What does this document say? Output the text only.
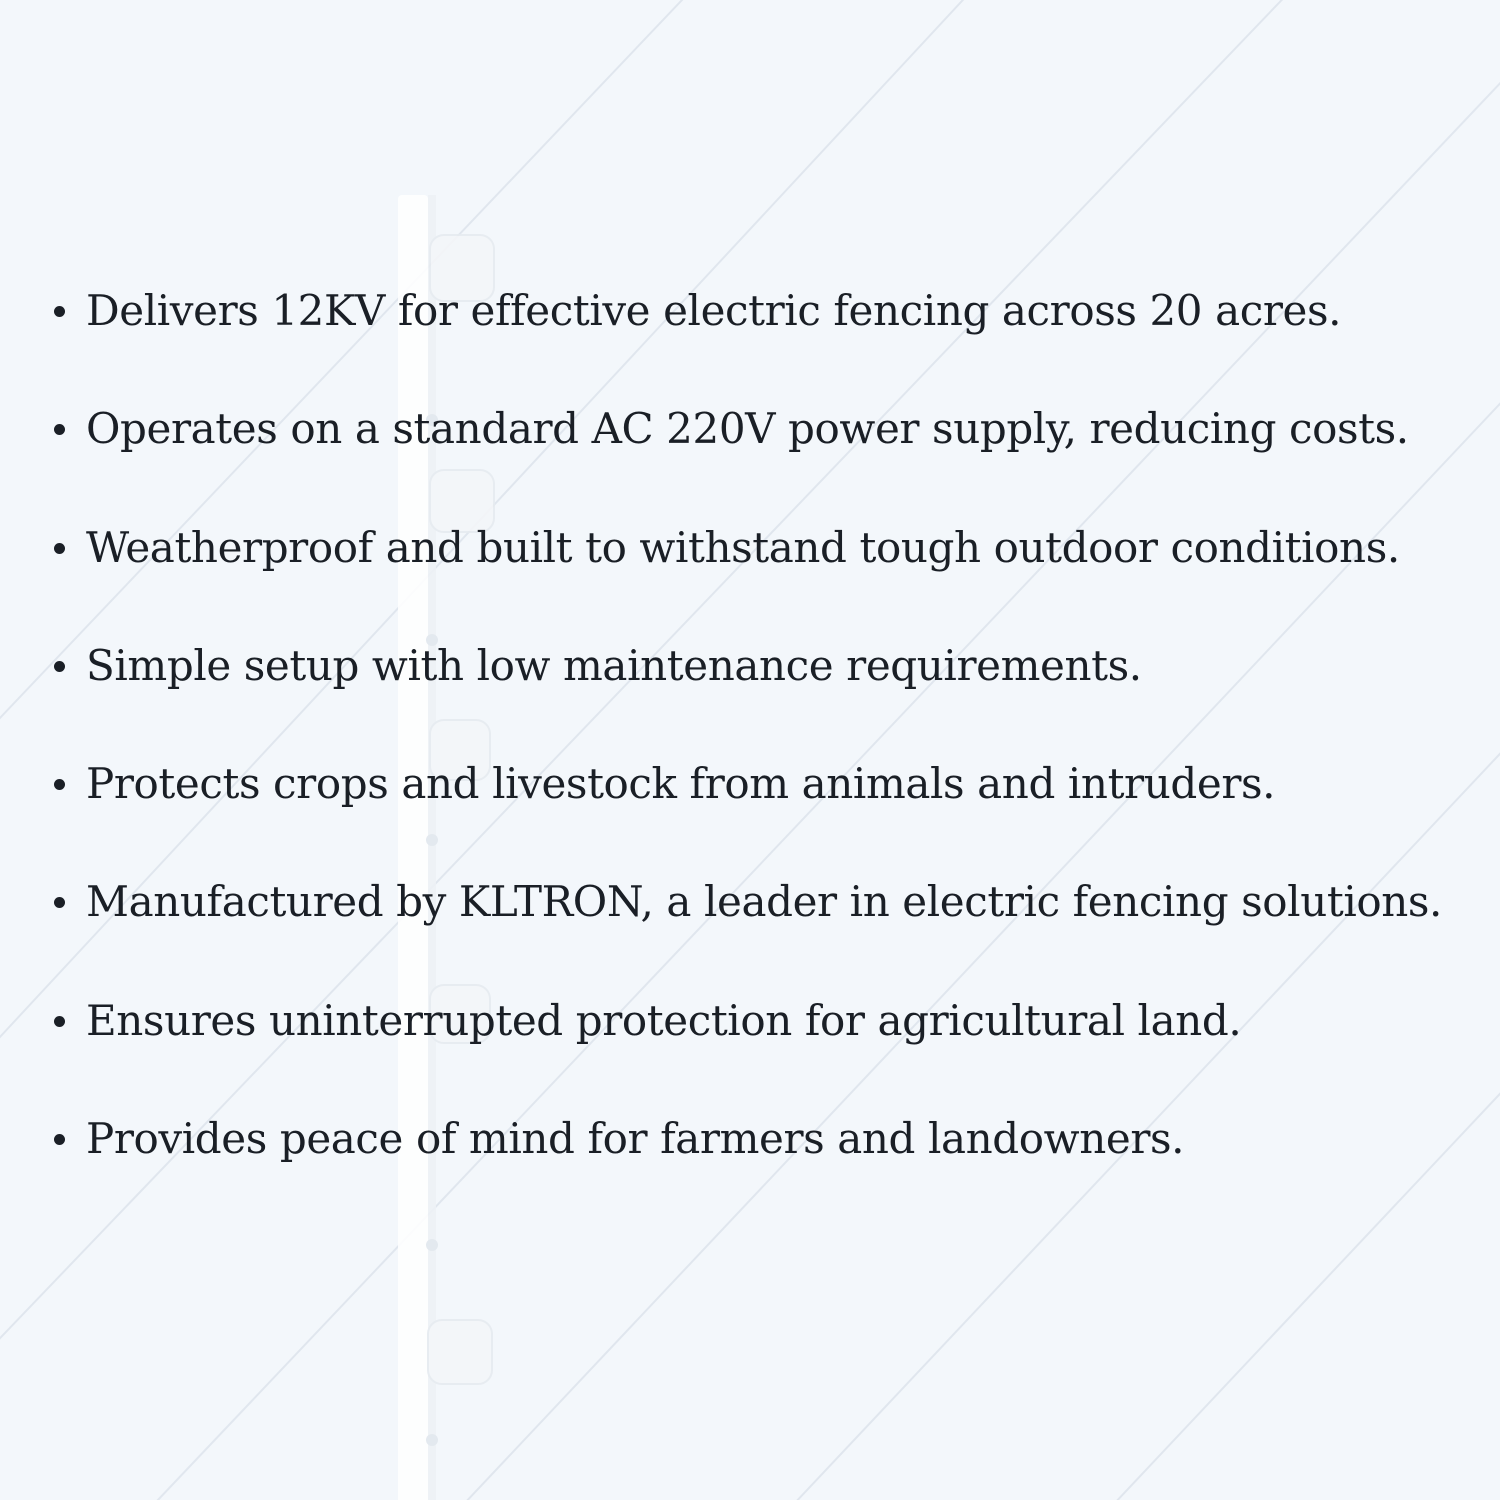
Delivers 12KV for effective electric fencing across 20 acres.
Operates on a standard AC 220V power supply, reducing costs.
Weatherproof and built to withstand tough outdoor conditions.
Simple setup with low maintenance requirements.
Protects crops and livestock from animals and intruders.
Manufactured by KLTRON, a leader in electric fencing solutions.
Ensures uninterrupted protection for agricultural land.
Provides peace of mind for farmers and landowners.
